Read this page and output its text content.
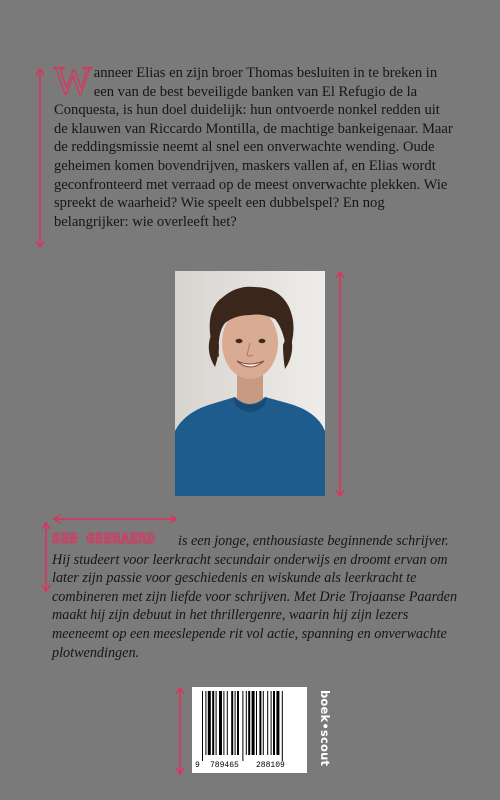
Wanneer Elias en zijn broer Thomas besluiten in te breken in een van de best beveiligde banken van El Refugio de la Conquesta, is hun doel duidelijk: hun ontvoerde nonkel redden uit de klauwen van Riccardo Montilla, de machtige bankeigenaar. Maar de reddingsmissie neemt al snel een onverwachte wending. Oude geheimen komen bovendrijven, maskers vallen af, en Elias wordt geconfronteerd met verraad op de meest onverwachte plekken. Wie spreekt de waarheid? Wie speelt een dubbelspel? En nog belangrijker: wie overleeft het?
SEB GEERAERD	is een jonge, enthousiaste beginnende schrijver. Hij studeert voor leerkracht secundair onderwijs en droomt ervan om later zijn passie voor geschiedenis en wiskunde als leerkracht te combineren met zijn liefde voor schrijven. Met Drie Trojaanse Paarden maakt hij zijn debuut in het thrillergenre, waarin hij zijn lezers meeneemt op een meeslepende rit vol actie, spanning en onverwachte plotwendingen.
9 789465 288109	boek•scout
